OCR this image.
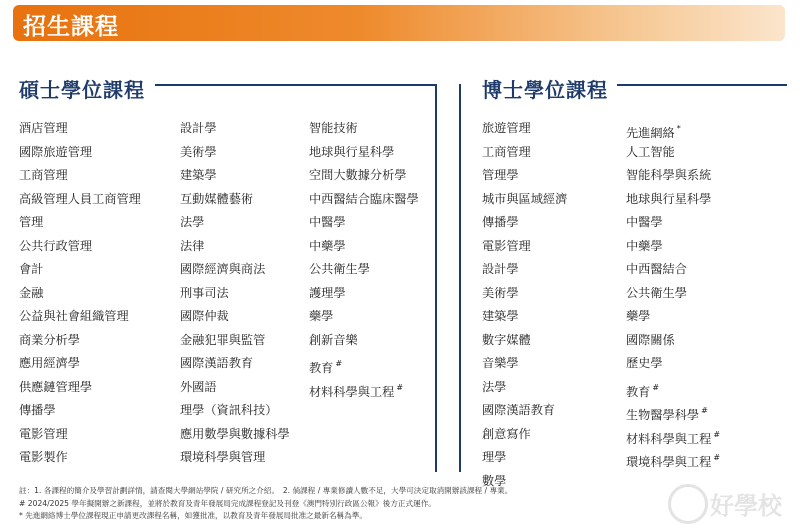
招生課程
碩士學位課程
酒店管理
國際旅遊管理
工商管理
高級管理人員工商管理
管理
公共行政管理
會計
金融
公益與社會組織管理
商業分析學
應用經濟學
供應鏈管理學
傳播學
電影管理
電影製作
設計學
美術學
建築學
互動媒體藝術
法學
法律
國際經濟與商法
刑事司法
國際仲裁
金融犯罪與監管
國際漢語教育
外國語
理學（資訊科技）
應用數學與數據科學
環境科學與管理
智能技術
地球與行星科學
空間大數據分析學
中西醫結合臨床醫學
中醫學
中藥學
公共衛生學
護理學
藥學
創新音樂
教育 #
材料科學與工程 #
博士學位課程
旅遊管理
工商管理
管理學
城市與區域經濟
傳播學
電影管理
設計學
美術學
建築學
數字媒體
音樂學
法學
國際漢語教育
創意寫作
理學
數學
先進網絡 *
人工智能
智能科學與系統
地球與行星科學
中醫學
中藥學
中西醫結合
公共衛生學
藥學
國際關係
歷史學
教育 #
生物醫學科學 #
材料科學與工程 #
環境科學與工程 #

註：1. 各課程的簡介及學習計劃詳情，請查閱大學網站學院 / 研究所之介紹。　2. 倘課程 / 專業修讀人數不足，大學可決定取消開辦該課程 / 專業。

# 2024/2025 學年擬開辦之新課程，並將於教育及青年發展局完成課程登記及刊登《澳門特別行政區公報》後方正式運作。

* 先進網絡博士學位課程現正申請更改課程名稱，如獲批准，以教育及青年發展局批准之最新名稱為準。	好學校
